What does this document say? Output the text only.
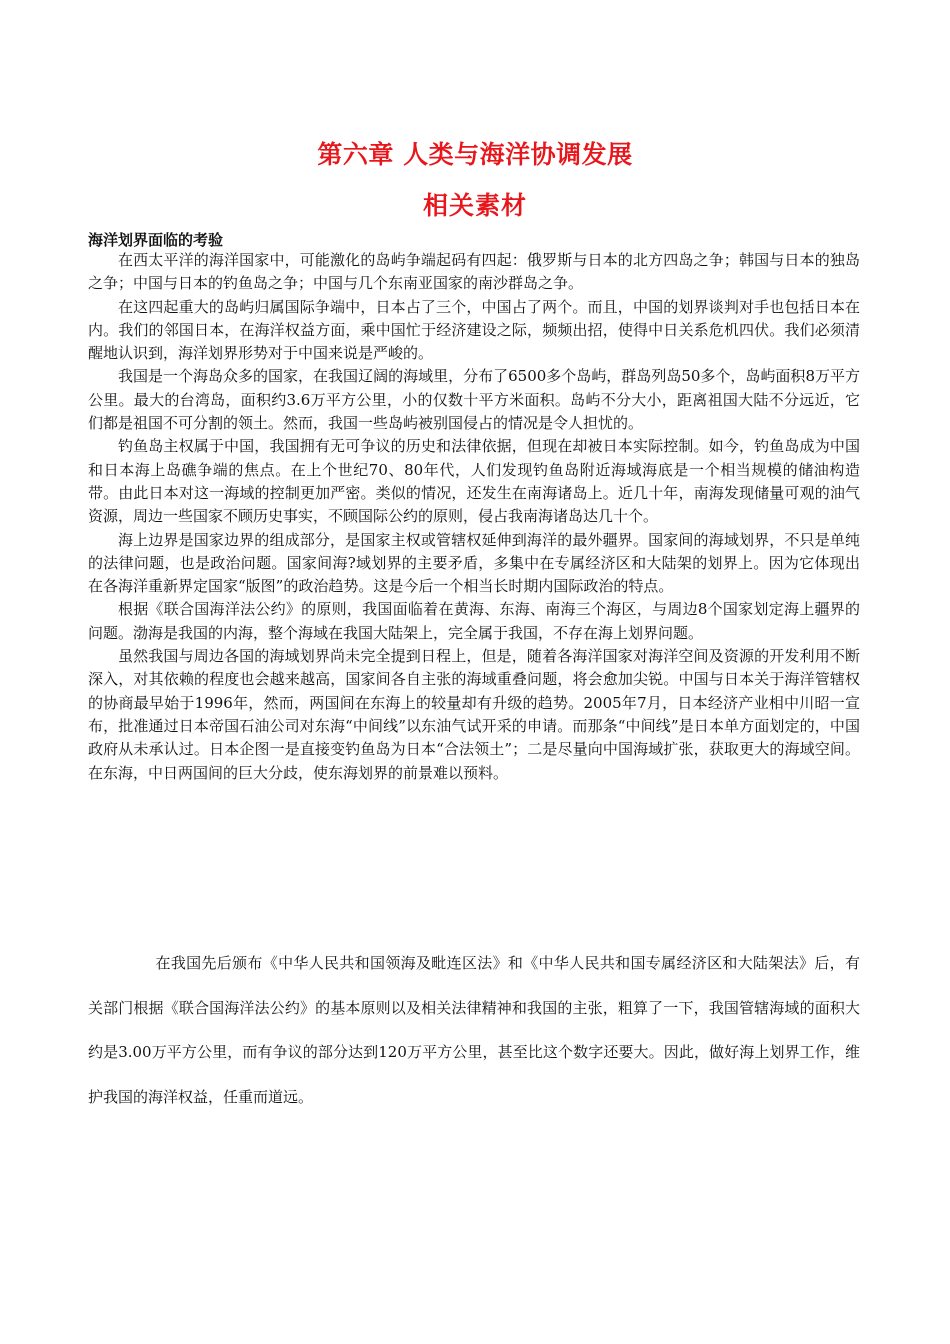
第六章 人类与海洋协调发展
相关素材
海洋划界面临的考验

在西太平洋的海洋国家中，可能激化的岛屿争端起码有四起：俄罗斯与日本的北方四岛之争；韩国与日本的独岛之争；中国与日本的钓鱼岛之争；中国与几个东南亚国家的南沙群岛之争。

在这四起重大的岛屿归属国际争端中，日本占了三个，中国占了两个。而且，中国的划界谈判对手也包括日本在内。我们的邻国日本，在海洋权益方面，乘中国忙于经济建设之际，频频出招，使得中日关系危机四伏。我们必须清醒地认识到，海洋划界形势对于中国来说是严峻的。

我国是一个海岛众多的国家，在我国辽阔的海域里，分布了6500多个岛屿，群岛列岛50多个，岛屿面积8万平方公里。最大的台湾岛，面积约3.6万平方公里，小的仅数十平方米面积。岛屿不分大小，距离祖国大陆不分远近，它们都是祖国不可分割的领土。然而，我国一些岛屿被别国侵占的情况是令人担忧的。

钓鱼岛主权属于中国，我国拥有无可争议的历史和法律依据，但现在却被日本实际控制。如今，钓鱼岛成为中国和日本海上岛礁争端的焦点。在上个世纪70、80年代，人们发现钓鱼岛附近海域海底是一个相当规模的储油构造带。由此日本对这一海域的控制更加严密。类似的情况，还发生在南海诸岛上。近几十年，南海发现储量可观的油气资源，周边一些国家不顾历史事实，不顾国际公约的原则，侵占我南海诸岛达几十个。

海上边界是国家边界的组成部分，是国家主权或管辖权延伸到海洋的最外疆界。国家间的海域划界，不只是单纯的法律问题，也是政治问题。国家间海?域划界的主要矛盾，多集中在专属经济区和大陆架的划界上。因为它体现出在各海洋重新界定国家“版图”的政治趋势。这是今后一个相当长时期内国际政治的特点。

根据《联合国海洋法公约》的原则，我国面临着在黄海、东海、南海三个海区，与周边8个国家划定海上疆界的问题。渤海是我国的内海，整个海域在我国大陆架上，完全属于我国，不存在海上划界问题。

虽然我国与周边各国的海域划界尚未完全提到日程上，但是，随着各海洋国家对海洋空间及资源的开发利用不断深入，对其依赖的程度也会越来越高，国家间各自主张的海域重叠问题，将会愈加尖锐。中国与日本关于海洋管辖权的协商最早始于1996年，然而，两国间在东海上的较量却有升级的趋势。2005年7月，日本经济产业相中川昭一宣布，批准通过日本帝国石油公司对东海“中间线”以东油气试开采的申请。而那条“中间线”是日本单方面划定的，中国政府从未承认过。日本企图一是直接变钓鱼岛为日本“合法领土”；二是尽量向中国海域扩张，获取更大的海域空间。在东海，中日两国间的巨大分歧，使东海划界的前景难以预料。

在我国先后颁布《中华人民共和国领海及毗连区法》和《中华人民共和国专属经济区和大陆架法》后，有关部门根据《联合国海洋法公约》的基本原则以及相关法律精神和我国的主张，粗算了一下，我国管辖海域的面积大约是3.00万平方公里，而有争议的部分达到120万平方公里，甚至比这个数字还要大。因此，做好海上划界工作，维护我国的海洋权益，任重而道远。
